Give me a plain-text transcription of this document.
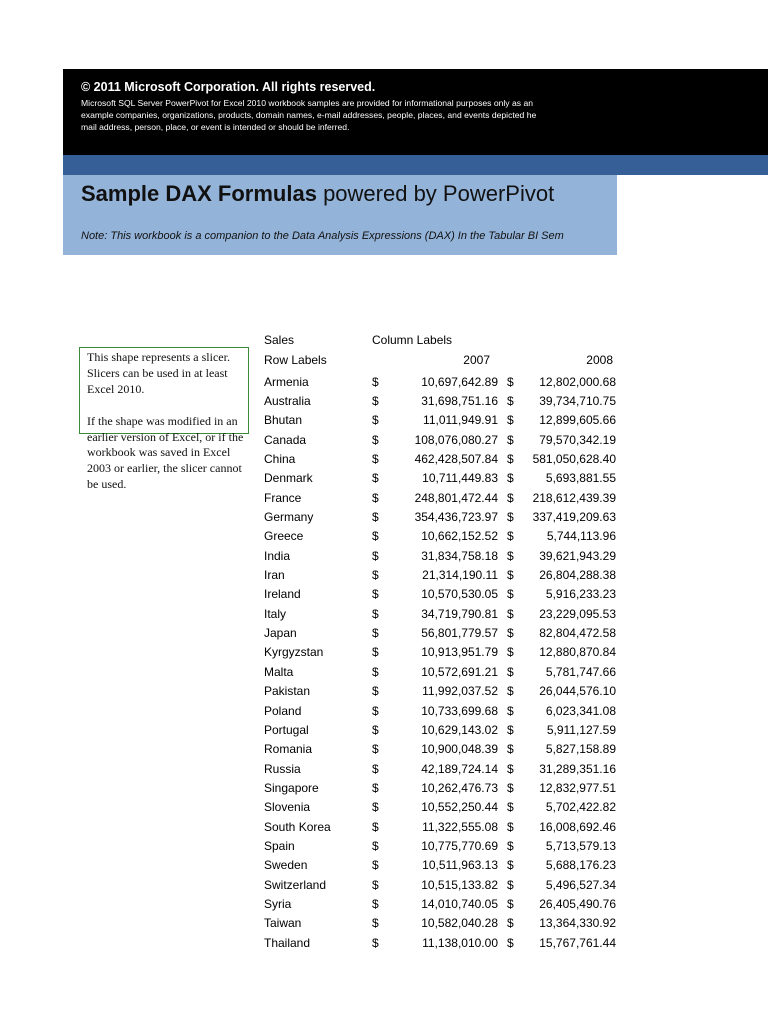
© 2011 Microsoft Corporation. All rights reserved.
Microsoft SQL Server PowerPivot for Excel 2010 workbook samples are provided for informational purposes only as an
example companies, organizations, products, domain names, e-mail addresses, people, places, and events depicted he
mail address, person, place, or event is intended or should be inferred.
Sample DAX Formulas powered by PowerPivot
Note: This workbook is a companion to the Data Analysis Expressions (DAX) In the Tabular BI Sem

This shape represents a slicer. Slicers can be used in at least Excel 2010.

If the shape was modified in an earlier version of Excel, or if the workbook was saved in Excel 2003 or earlier, the slicer cannot be used.

Sales	Column Labels
Row Labels	2007	2008
Armenia	$	10,697,642.89	$	12,802,000.68
Australia	$	31,698,751.16	$	39,734,710.75
Bhutan	$	11,011,949.91	$	12,899,605.66
Canada	$	108,076,080.27	$	79,570,342.19
China	$	462,428,507.84	$	581,050,628.40
Denmark	$	10,711,449.83	$	5,693,881.55
France	$	248,801,472.44	$	218,612,439.39
Germany	$	354,436,723.97	$	337,419,209.63
Greece	$	10,662,152.52	$	5,744,113.96
India	$	31,834,758.18	$	39,621,943.29
Iran	$	21,314,190.11	$	26,804,288.38
Ireland	$	10,570,530.05	$	5,916,233.23
Italy	$	34,719,790.81	$	23,229,095.53
Japan	$	56,801,779.57	$	82,804,472.58
Kyrgyzstan	$	10,913,951.79	$	12,880,870.84
Malta	$	10,572,691.21	$	5,781,747.66
Pakistan	$	11,992,037.52	$	26,044,576.10
Poland	$	10,733,699.68	$	6,023,341.08
Portugal	$	10,629,143.02	$	5,911,127.59
Romania	$	10,900,048.39	$	5,827,158.89
Russia	$	42,189,724.14	$	31,289,351.16
Singapore	$	10,262,476.73	$	12,832,977.51
Slovenia	$	10,552,250.44	$	5,702,422.82
South Korea	$	11,322,555.08	$	16,008,692.46
Spain	$	10,775,770.69	$	5,713,579.13
Sweden	$	10,511,963.13	$	5,688,176.23
Switzerland	$	10,515,133.82	$	5,496,527.34
Syria	$	14,010,740.05	$	26,405,490.76
Taiwan	$	10,582,040.28	$	13,364,330.92
Thailand	$	11,138,010.00	$	15,767,761.44
